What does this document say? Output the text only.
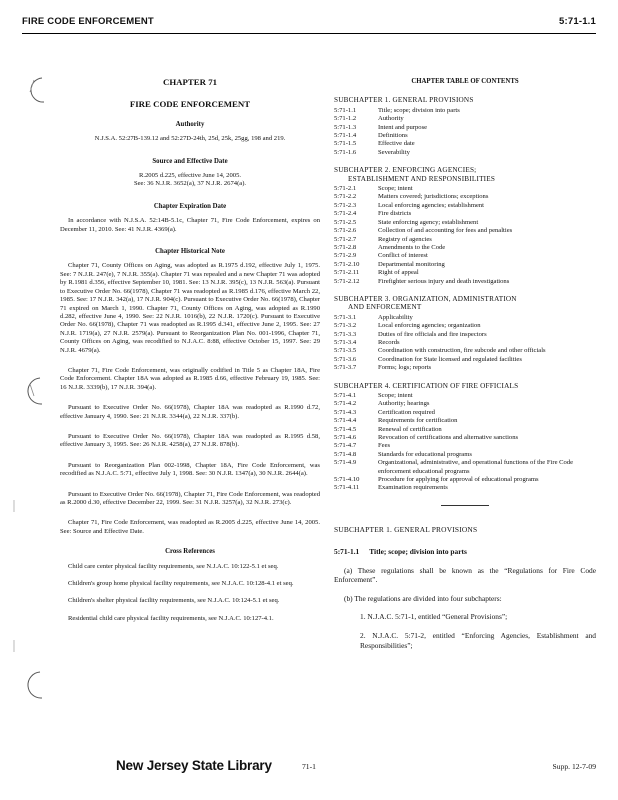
FIRE CODE ENFORCEMENT	5:71-1.1
CHAPTER 71
FIRE CODE ENFORCEMENT
Authority
N.J.S.A. 52:27B-139.12 and 52:27D-24th, 25d, 25k, 25gg, 198 and 219.
Source and Effective Date
R.2005 d.225, effective June 14, 2005.
See: 36 N.J.R. 3652(a), 37 N.J.R. 2674(a).
Chapter Expiration Date
In accordance with N.J.S.A. 52:14B-5.1c, Chapter 71, Fire Code Enforcement, expires on December 11, 2010. See: 41 N.J.R. 4369(a).
Chapter Historical Note
Chapter 71, County Offices on Aging, was adopted as R.1975 d.192, effective July 1, 1975. See: 7 N.J.R. 247(e), 7 N.J.R. 355(a). Chapter 71 was repealed and a new Chapter 71 was adopted by R.1981 d.356, effective September 10, 1981. See: 13 N.J.R. 395(c), 13 N.J.R. 563(a). Pursuant to Executive Order No. 66(1978), Chapter 71 was readopted as R.1985 d.176, effective March 22, 1985. See: 17 N.J.R. 342(a), 17 N.J.R. 904(c). Pursuant to Executive Order No. 66(1978), Chapter 71 expired on March 1, 1990. Chapter 71, County Offices on Aging, was adopted as R.1990 d.282, effective June 4, 1990. See: 22 N.J.R. 1016(b), 22 N.J.R. 1720(c). Pursuant to Executive Order No. 66(1978), Chapter 71 was readopted as R.1995 d.341, effective June 2, 1995. See: 27 N.J.R. 1719(a), 27 N.J.R. 2579(a). Pursuant to Reorganization Plan No. 001-1996, Chapter 71, County Offices on Aging, was recodified to N.J.A.C. 8:88, effective October 15, 1997. See: 29 N.J.R. 4679(a).
Chapter 71, Fire Code Enforcement, was originally codified in Title 5 as Chapter 18A, Fire Code Enforcement. Chapter 18A was adopted as R.1985 d.66, effective February 19, 1985. See: 16 N.J.R. 3339(b), 17 N.J.R. 394(a).
Pursuant to Executive Order No. 66(1978), Chapter 18A was readopted as R.1990 d.72, effective January 4, 1990. See: 21 N.J.R. 3344(a), 22 N.J.R. 337(b).
Pursuant to Executive Order No. 66(1978), Chapter 18A was readopted as R.1995 d.58, effective January 3, 1995. See: 26 N.J.R. 4258(a), 27 N.J.R. 878(b).
Pursuant to Reorganization Plan 002-1998, Chapter 18A, Fire Code Enforcement, was recodified as N.J.A.C. 5:71, effective July 1, 1998. See: 30 N.J.R. 1347(a), 30 N.J.R. 2644(a).
Pursuant to Executive Order No. 66(1978), Chapter 71, Fire Code Enforcement, was readopted as R.2000 d.30, effective December 22, 1999. See: 31 N.J.R. 3257(a), 32 N.J.R. 273(c).
Chapter 71, Fire Code Enforcement, was readopted as R.2005 d.225, effective June 14, 2005. See: Source and Effective Date.
Cross References
Child care center physical facility requirements, see N.J.A.C. 10:122-5.1 et seq.
Children's group home physical facility requirements, see N.J.A.C. 10:128-4.1 et seq.
Children's shelter physical facility requirements, see N.J.A.C. 10:124-5.1 et seq.
Residential child care physical facility requirements, see N.J.A.C. 10:127-4.1.
CHAPTER TABLE OF CONTENTS
SUBCHAPTER 1. GENERAL PROVISIONS
5:71-1.1	Title; scope; division into parts
5:71-1.2	Authority
5:71-1.3	Intent and purpose
5:71-1.4	Definitions
5:71-1.5	Effective date
5:71-1.6	Severability
SUBCHAPTER 2. ENFORCING AGENCIES;
ESTABLISHMENT AND RESPONSIBILITIES
5:71-2.1	Scope; intent
5:71-2.2	Matters covered; jurisdictions; exceptions
5:71-2.3	Local enforcing agencies; establishment
5:71-2.4	Fire districts
5:71-2.5	State enforcing agency; establishment
5:71-2.6	Collection of and accounting for fees and penalties
5:71-2.7	Registry of agencies
5:71-2.8	Amendments to the Code
5:71-2.9	Conflict of interest
5:71-2.10	Departmental monitoring
5:71-2.11	Right of appeal
5:71-2.12	Firefighter serious injury and death investigations
SUBCHAPTER 3. ORGANIZATION, ADMINISTRATION
AND ENFORCEMENT
5:71-3.1	Applicability
5:71-3.2	Local enforcing agencies; organization
5:71-3.3	Duties of fire officials and fire inspectors
5:71-3.4	Records
5:71-3.5	Coordination with construction, fire subcode and other officials
5:71-3.6	Coordination for State licensed and regulated facilities
5:71-3.7	Forms; logs; reports
SUBCHAPTER 4. CERTIFICATION OF FIRE OFFICIALS
5:71-4.1	Scope; intent
5:71-4.2	Authority; hearings
5:71-4.3	Certification required
5:71-4.4	Requirements for certification
5:71-4.5	Renewal of certification
5:71-4.6	Revocation of certifications and alternative sanctions
5:71-4.7	Fees
5:71-4.8	Standards for educational programs
5:71-4.9	Organizational, administrative, and operational functions of the Fire Code enforcement educational programs
5:71-4.10	Procedure for applying for approval of educational programs
5:71-4.11	Examination requirements
SUBCHAPTER 1. GENERAL PROVISIONS
5:71-1.1 Title; scope; division into parts
(a) These regulations shall be known as the “Regulations for Fire Code Enforcement”.
(b) The regulations are divided into four subchapters:
1. N.J.A.C. 5:71-1, entitled “General Provisions”;
2. N.J.A.C. 5:71-2, entitled “Enforcing Agencies, Establishment and Responsibilities”;
New Jersey State Library	71-1	Supp. 12-7-09
